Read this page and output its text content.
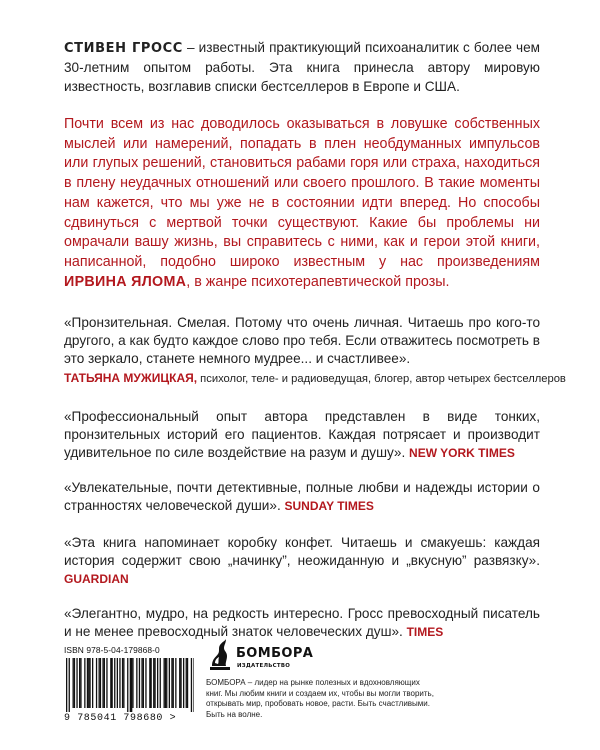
СТИВЕН ГРОСС – известный практикующий психоаналитик с более чем 30-летним опытом работы. Эта книга принесла автору мировую известность, возглавив списки бестселлеров в Европе и США.

Почти всем из нас доводилось оказываться в ловушке собственных мыслей или намерений, попадать в плен необдуманных импульсов или глупых решений, становиться рабами горя или страха, находиться в плену неудачных отношений или своего прошлого. В такие моменты нам кажется, что мы уже не в состоянии идти вперед. Но способы сдвинуться с мертвой точки существуют. Какие бы проблемы ни омрачали вашу жизнь, вы справитесь с ними, как и герои этой книги, написанной, подобно широко известным у нас произведениям ИРВИНА ЯЛОМА, в жанре психотерапевтической прозы.

«Пронзительная. Смелая. Потому что очень личная. Читаешь про кого-то другого, а как будто каждое слово про тебя. Если отважитесь посмотреть в это зеркало, станете немного мудрее... и счастливее».
ТАТЬЯНА МУЖИЦКАЯ, психолог, теле- и радиоведущая, блогер, автор четырех бестселлеров

«Профессиональный опыт автора представлен в виде тонких, пронзительных историй его пациентов. Каждая потрясает и производит удивительное по силе воздействие на разум и душу». NEW YORK TIMES

«Увлекательные, почти детективные, полные любви и надежды истории о странностях человеческой души». SUNDAY TIMES

«Эта книга напоминает коробку конфет. Читаешь и смакуешь: каждая история содержит свою „начинку”, неожиданную и „вкусную” развязку». GUARDIAN

«Элегантно, мудро, на редкость интересно. Гросс превосходный писатель и не менее превосходный знаток человеческих душ». TIMES

ISBN 978-5-04-179868-0
9 785041 798680 >
БОМБОРА
ИЗДАТЕЛЬСТВО
БОМБОРА – лидер на рынке полезных и вдохновляющих книг. Мы любим книги и создаем их, чтобы вы могли творить, открывать мир, пробовать новое, расти. Быть счастливыми. Быть на волне.
